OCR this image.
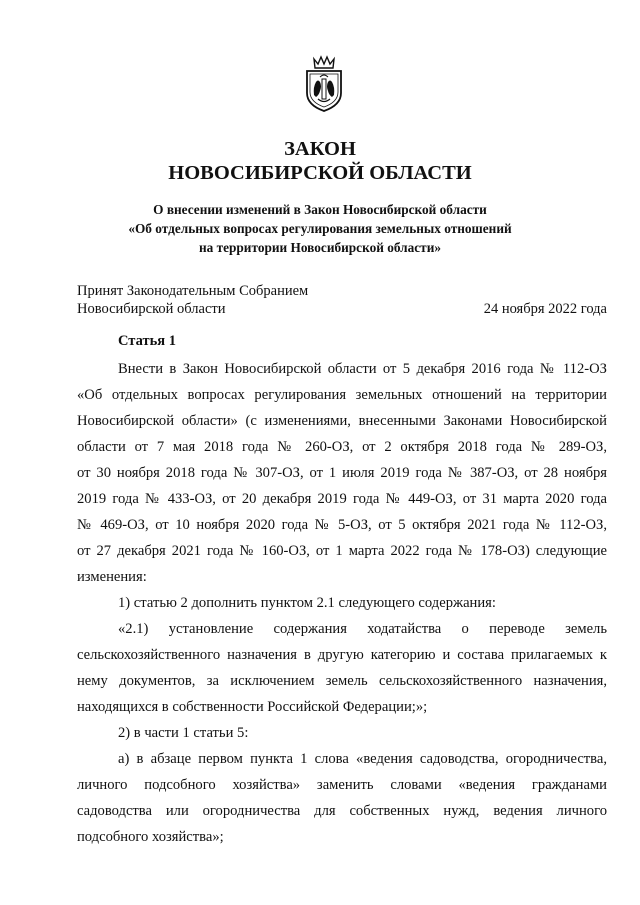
ЗАКОН
НОВОСИБИРСКОЙ ОБЛАСТИ
О внесении изменений в Закон Новосибирской области
«Об отдельных вопросах регулирования земельных отношений
на территории Новосибирской области»
Принят Законодательным Собранием
Новосибирской области	24 ноября 2022 года
Статья 1
Внести в Закон Новосибирской области от 5 декабря 2016 года № 112-ОЗ
«Об отдельных вопросах регулирования земельных отношений на территории
Новосибирской области» (с изменениями, внесенными Законами Новосибирской
области от 7 мая 2018 года № 260-ОЗ, от 2 октября 2018 года № 289-ОЗ,
от 30 ноября 2018 года № 307-ОЗ, от 1 июля 2019 года № 387-ОЗ, от 28 ноября
2019 года № 433-ОЗ, от 20 декабря 2019 года № 449-ОЗ, от 31 марта 2020 года
№ 469-ОЗ, от 10 ноября 2020 года № 5-ОЗ, от 5 октября 2021 года № 112-ОЗ,
от 27 декабря 2021 года № 160-ОЗ, от 1 марта 2022 года № 178-ОЗ) следующие
изменения:
1) статью 2 дополнить пунктом 2.1 следующего содержания:
«2.1) установление содержания ходатайства о переводе земель
сельскохозяйственного назначения в другую категорию и состава прилагаемых к
нему документов, за исключением земель сельскохозяйственного назначения,
находящихся в собственности Российской Федерации;»;
2) в части 1 статьи 5:
а) в абзаце первом пункта 1 слова «ведения садоводства, огородничества,
личного подсобного хозяйства» заменить словами «ведения гражданами
садоводства или огородничества для собственных нужд, ведения личного
подсобного хозяйства»;
